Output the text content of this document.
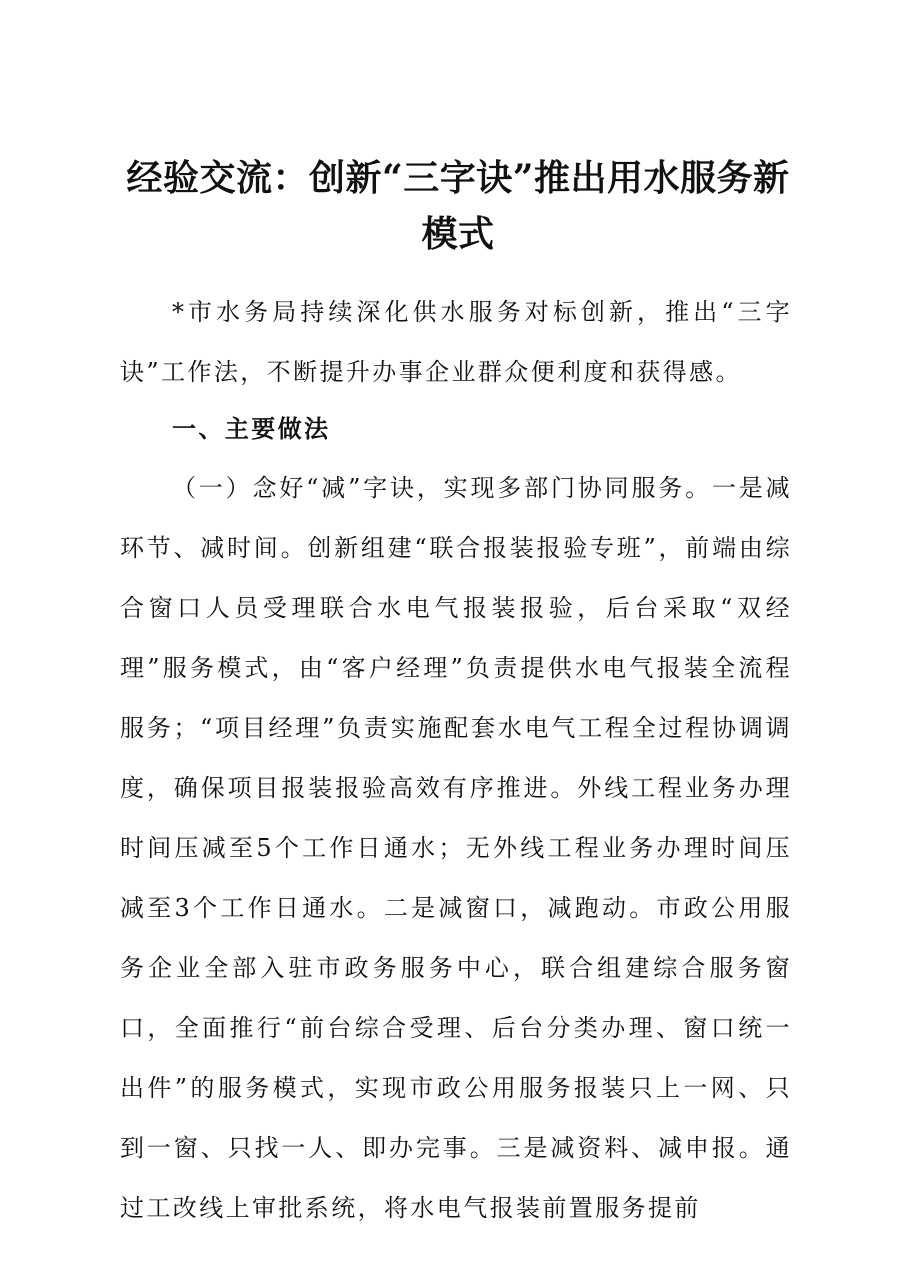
经验交流：创新“三字诀”推出用水服务新模式

*市水务局持续深化供水服务对标创新，推出“三字诀”工作法，不断提升办事企业群众便利度和获得感。

一、主要做法

（一）念好“减”字诀，实现多部门协同服务。一是减环节、减时间。创新组建“联合报装报验专班”，前端由综合窗口人员受理联合水电气报装报验，后台采取“双经理”服务模式，由“客户经理”负责提供水电气报装全流程服务；“项目经理”负责实施配套水电气工程全过程协调调度，确保项目报装报验高效有序推进。外线工程业务办理时间压减至5个工作日通水；无外线工程业务办理时间压减至3个工作日通水。二是减窗口，减跑动。市政公用服务企业全部入驻市政务服务中心，联合组建综合服务窗口，全面推行“前台综合受理、后台分类办理、窗口统一出件”的服务模式，实现市政公用服务报装只上一网、只到一窗、只找一人、即办完事。三是减资料、减申报。通过工改线上审批系统，将水电气报装前置服务提前
